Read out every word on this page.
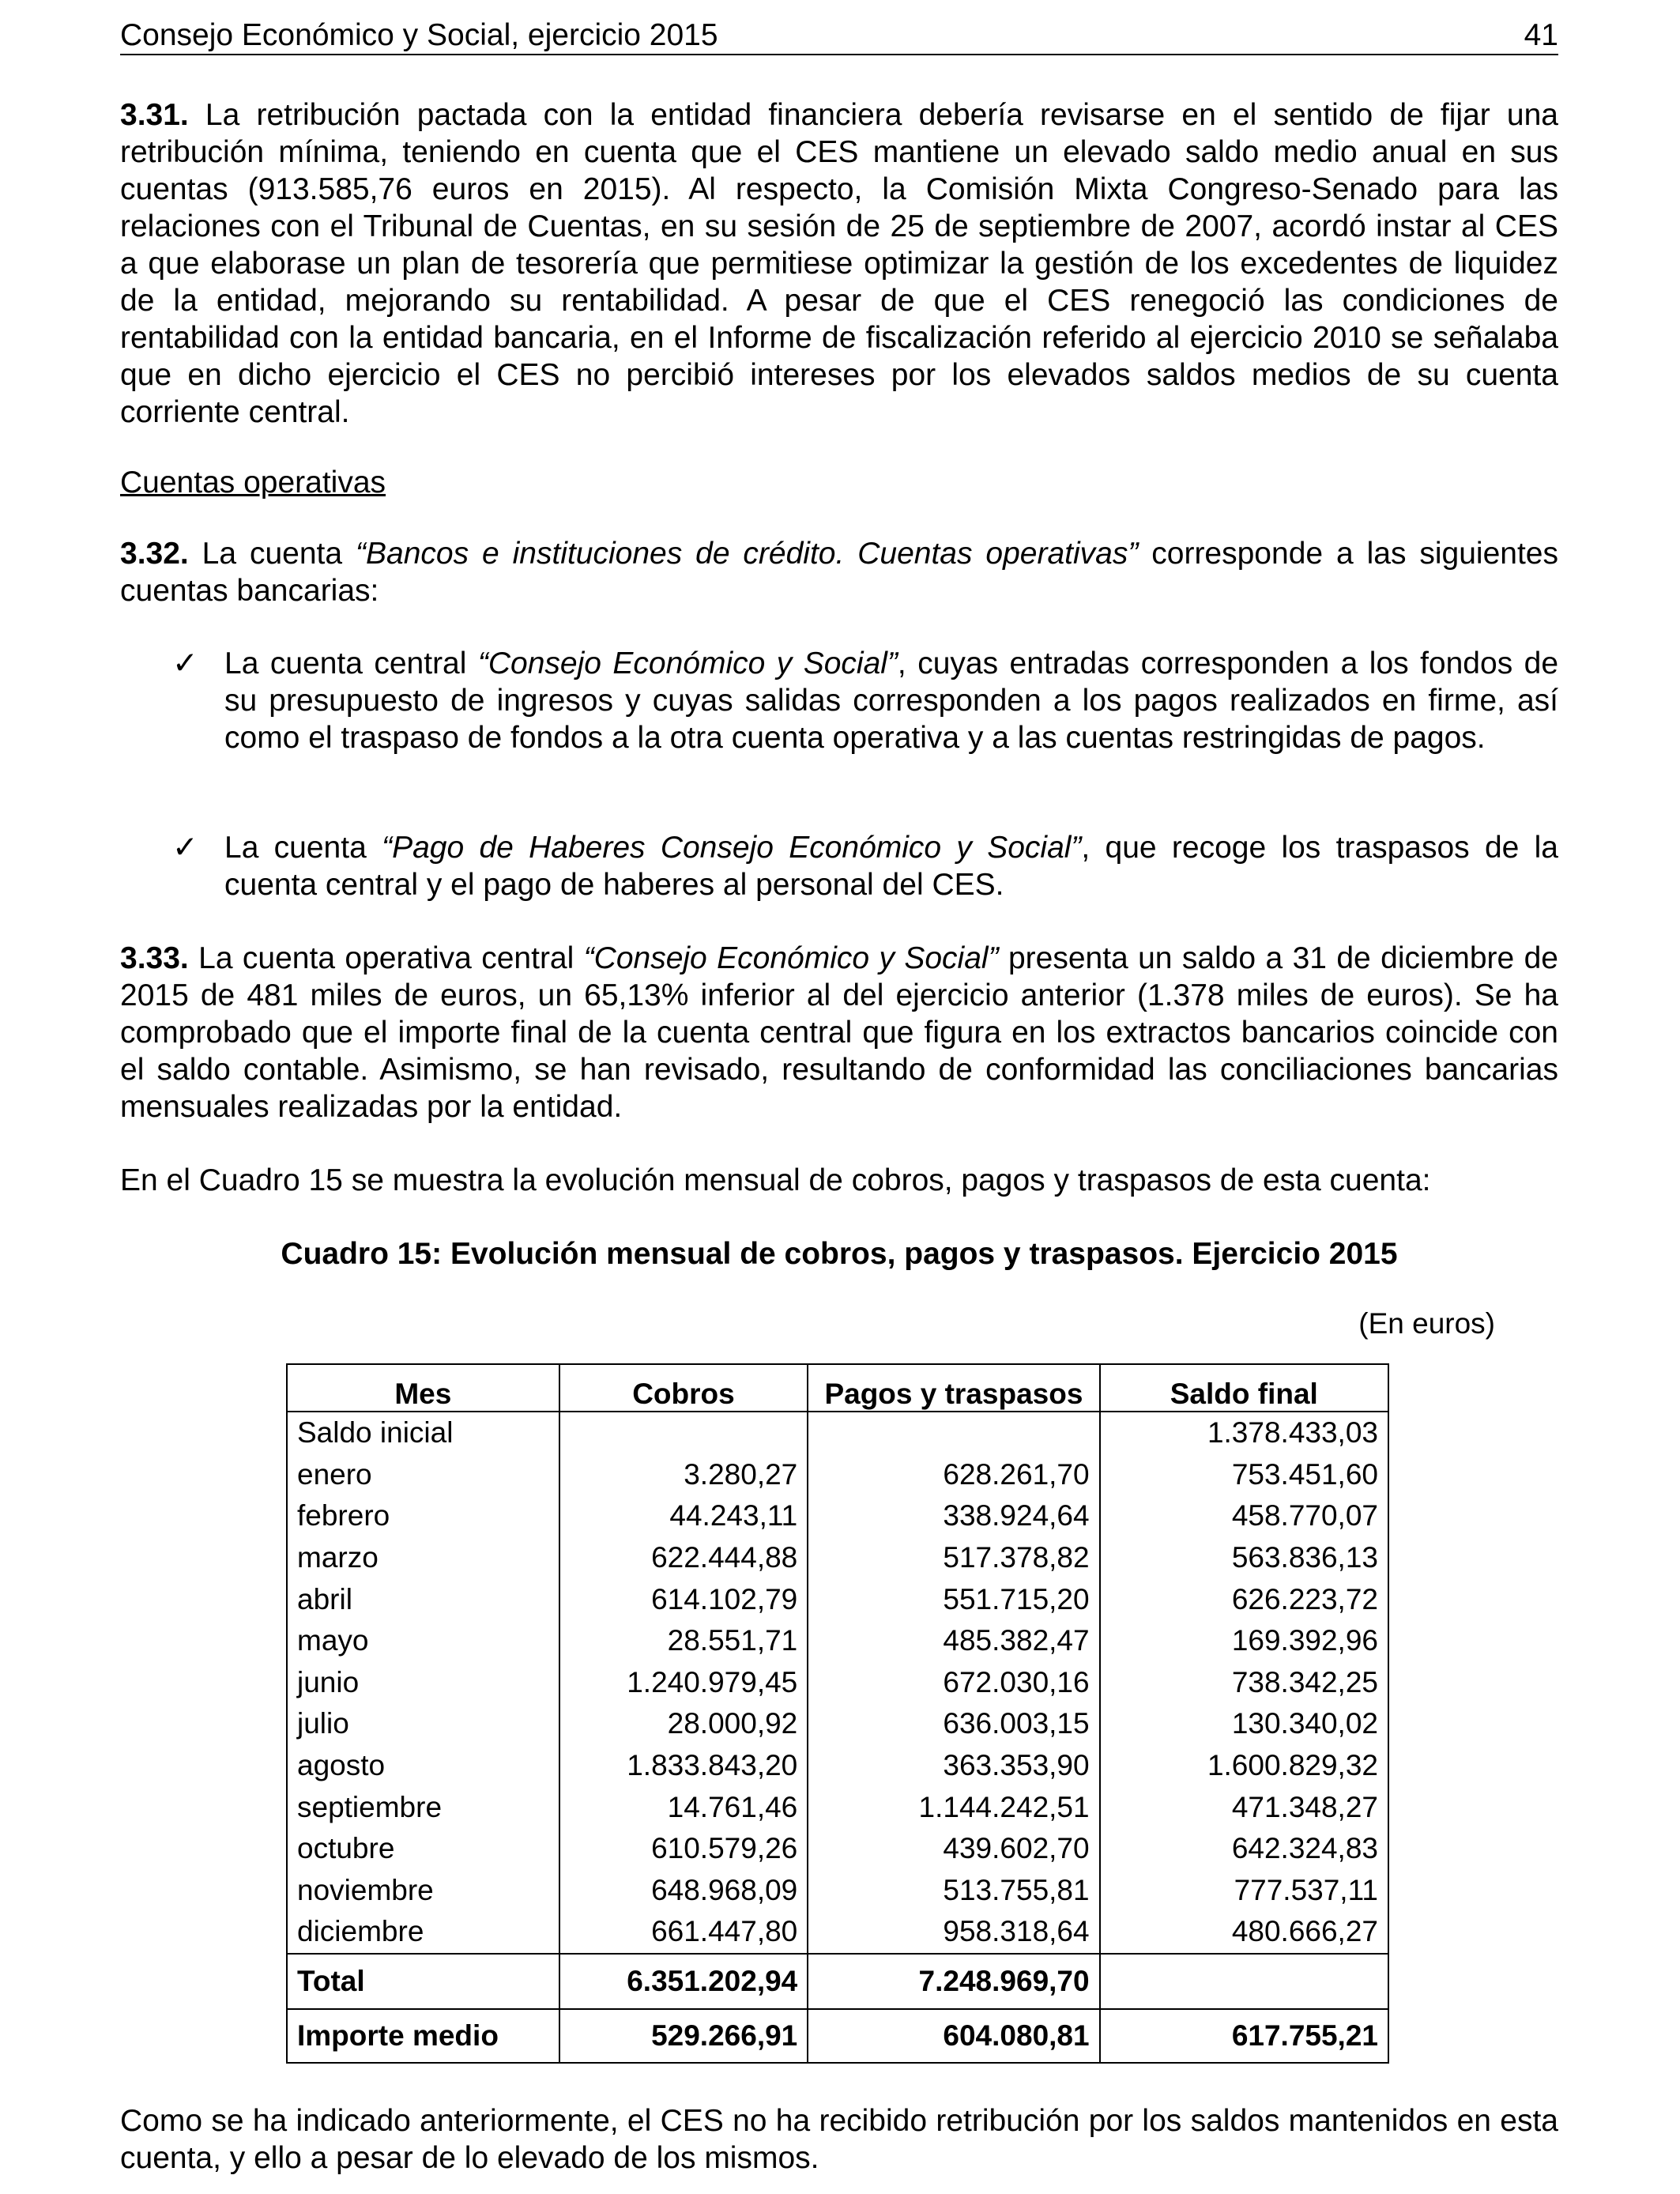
Consejo Económico y Social, ejercicio 2015	41

3.31. La retribución pactada con la entidad financiera debería revisarse en el sentido de fijar una retribución mínima, teniendo en cuenta que el CES mantiene un elevado saldo medio anual en sus cuentas (913.585,76 euros en 2015). Al respecto, la Comisión Mixta Congreso-Senado para las relaciones con el Tribunal de Cuentas, en su sesión de 25 de septiembre de 2007, acordó instar al CES a que elaborase un plan de tesorería que permitiese optimizar la gestión de los excedentes de liquidez de la entidad, mejorando su rentabilidad. A pesar de que el CES renegoció las condiciones de rentabilidad con la entidad bancaria, en el Informe de fiscalización referido al ejercicio 2010 se señalaba que en dicho ejercicio el CES no percibió intereses por los elevados saldos medios de su cuenta corriente central.

Cuentas operativas

3.32. La cuenta “Bancos e instituciones de crédito. Cuentas operativas” corresponde a las siguientes cuentas bancarias:

✓ La cuenta central “Consejo Económico y Social”, cuyas entradas corresponden a los fondos de su presupuesto de ingresos y cuyas salidas corresponden a los pagos realizados en firme, así como el traspaso de fondos a la otra cuenta operativa y a las cuentas restringidas de pagos.

✓ La cuenta “Pago de Haberes Consejo Económico y Social”, que recoge los traspasos de la cuenta central y el pago de haberes al personal del CES.

3.33. La cuenta operativa central “Consejo Económico y Social” presenta un saldo a 31 de diciembre de 2015 de 481 miles de euros, un 65,13% inferior al del ejercicio anterior (1.378 miles de euros). Se ha comprobado que el importe final de la cuenta central que figura en los extractos bancarios coincide con el saldo contable. Asimismo, se han revisado, resultando de conformidad las conciliaciones bancarias mensuales realizadas por la entidad.

En el Cuadro 15 se muestra la evolución mensual de cobros, pagos y traspasos de esta cuenta:

Cuadro 15: Evolución mensual de cobros, pagos y traspasos. Ejercicio 2015
(En euros)
Mes	Cobros	Pagos y traspasos	Saldo final
Saldo inicial			1.378.433,03
enero	3.280,27	628.261,70	753.451,60
febrero	44.243,11	338.924,64	458.770,07
marzo	622.444,88	517.378,82	563.836,13
abril	614.102,79	551.715,20	626.223,72
mayo	28.551,71	485.382,47	169.392,96
junio	1.240.979,45	672.030,16	738.342,25
julio	28.000,92	636.003,15	130.340,02
agosto	1.833.843,20	363.353,90	1.600.829,32
septiembre	14.761,46	1.144.242,51	471.348,27
octubre	610.579,26	439.602,70	642.324,83
noviembre	648.968,09	513.755,81	777.537,11
diciembre	661.447,80	958.318,64	480.666,27
Total	6.351.202,94	7.248.969,70	
Importe medio	529.266,91	604.080,81	617.755,21

Como se ha indicado anteriormente, el CES no ha recibido retribución por los saldos mantenidos en esta cuenta, y ello a pesar de lo elevado de los mismos.
